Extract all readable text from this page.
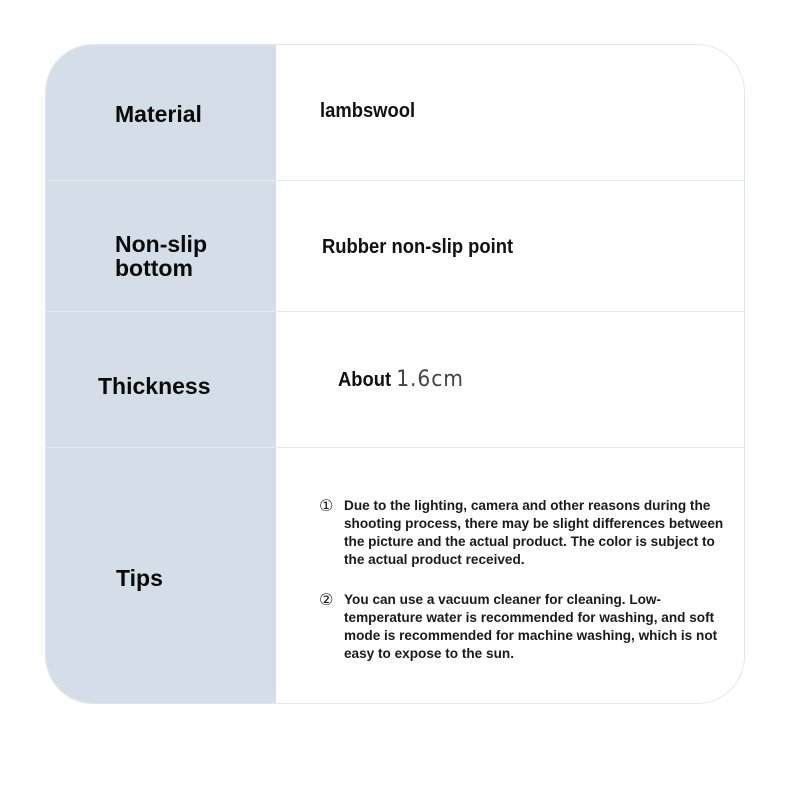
Material	lambswool
Non-slip
bottom
Rubber non-slip point
Thickness	About 1.6cm
Tips
① Due to the lighting, camera and other reasons during the shooting process, there may be slight differences between the picture and the actual product. The color is subject to the actual product received.
② You can use a vacuum cleaner for cleaning. Low-temperature water is recommended for washing, and soft mode is recommended for machine washing, which is not easy to expose to the sun.
